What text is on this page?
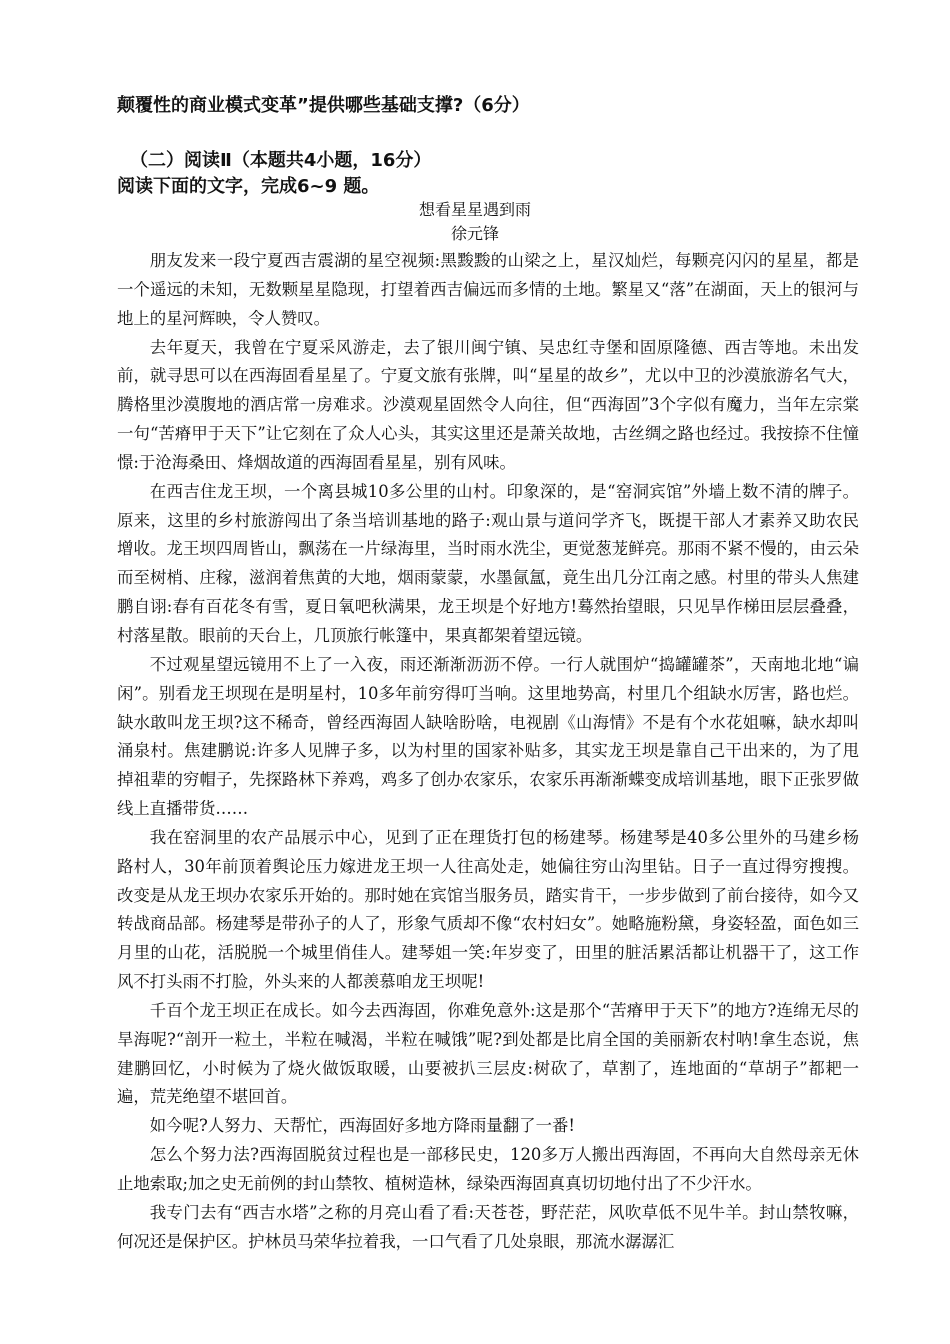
颠覆性的商业模式变革”提供哪些基础支撑?（6分）
（二）阅读Ⅱ（本题共4小题，16分）
阅读下面的文字，完成6~9 题。
想看星星遇到雨
徐元锋

朋友发来一段宁夏西吉震湖的星空视频:黑黢黢的山梁之上，星汉灿烂，每颗亮闪闪的星星，都是一个遥远的未知，无数颗星星隐现，打望着西吉偏远而多情的土地。繁星又“落”在湖面，天上的银河与地上的星河辉映，令人赞叹。

去年夏天，我曾在宁夏采风游走，去了银川闽宁镇、吴忠红寺堡和固原隆德、西吉等地。未出发前，就寻思可以在西海固看星星了。宁夏文旅有张牌，叫“星星的故乡”，尤以中卫的沙漠旅游名气大，腾格里沙漠腹地的酒店常一房难求。沙漠观星固然令人向往，但“西海固”3个字似有魔力，当年左宗棠一句“苦瘠甲于天下”让它刻在了众人心头，其实这里还是萧关故地，古丝绸之路也经过。我按捺不住憧憬:于沧海桑田、烽烟故道的西海固看星星，别有风味。

在西吉住龙王坝，一个离县城10多公里的山村。印象深的，是“窑洞宾馆”外墙上数不清的牌子。原来，这里的乡村旅游闯出了条当培训基地的路子:观山景与道问学齐飞，既提干部人才素养又助农民增收。龙王坝四周皆山，飘荡在一片绿海里，当时雨水洗尘，更觉葱茏鲜亮。那雨不紧不慢的，由云朵而至树梢、庄稼，滋润着焦黄的大地，烟雨蒙蒙，水墨氤氲，竟生出几分江南之感。村里的带头人焦建鹏自诩:春有百花冬有雪，夏日氧吧秋满果，龙王坝是个好地方!蓦然抬望眼，只见旱作梯田层层叠叠，村落星散。眼前的天台上，几顶旅行帐篷中，果真都架着望远镜。

不过观星望远镜用不上了一入夜，雨还渐渐沥沥不停。一行人就围炉“捣罐罐茶”，天南地北地“谝闲”。别看龙王坝现在是明星村，10多年前穷得叮当响。这里地势高，村里几个组缺水厉害，路也烂。缺水敢叫龙王坝?这不稀奇，曾经西海固人缺啥盼啥，电视剧《山海情》不是有个水花姐嘛，缺水却叫涌泉村。焦建鹏说:许多人见牌子多，以为村里的国家补贴多，其实龙王坝是靠自己干出来的，为了甩掉祖辈的穷帽子，先探路林下养鸡，鸡多了创办农家乐，农家乐再渐渐蝶变成培训基地，眼下正张罗做线上直播带货……

我在窑洞里的农产品展示中心，见到了正在理货打包的杨建琴。杨建琴是40多公里外的马建乡杨路村人，30年前顶着舆论压力嫁进龙王坝一人往高处走，她偏往穷山沟里钻。日子一直过得穷搜搜。改变是从龙王坝办农家乐开始的。那时她在宾馆当服务员，踏实肯干，一步步做到了前台接待，如今又转战商品部。杨建琴是带孙子的人了，形象气质却不像“农村妇女”。她略施粉黛，身姿轻盈，面色如三月里的山花，活脱脱一个城里俏佳人。建琴姐一笑:年岁变了，田里的脏活累活都让机器干了，这工作风不打头雨不打脸，外头来的人都羡慕咱龙王坝呢!

千百个龙王坝正在成长。如今去西海固，你难免意外:这是那个“苦瘠甲于天下”的地方?连绵无尽的旱海呢?“剖开一粒土，半粒在喊渴，半粒在喊饿”呢?到处都是比肩全国的美丽新农村呐!拿生态说，焦建鹏回忆，小时候为了烧火做饭取暖，山要被扒三层皮:树砍了，草割了，连地面的“草胡子”都耙一遍，荒芜绝望不堪回首。

如今呢?人努力、天帮忙，西海固好多地方降雨量翻了一番!

怎么个努力法?西海固脱贫过程也是一部移民史，120多万人搬出西海固，不再向大自然母亲无休止地索取;加之史无前例的封山禁牧、植树造林，绿染西海固真真切切地付出了不少汗水。

我专门去有“西吉水塔”之称的月亮山看了看:天苍苍，野茫茫，风吹草低不见牛羊。封山禁牧嘛，何况还是保护区。护林员马荣华拉着我，一口气看了几处泉眼，那流水潺潺汇
